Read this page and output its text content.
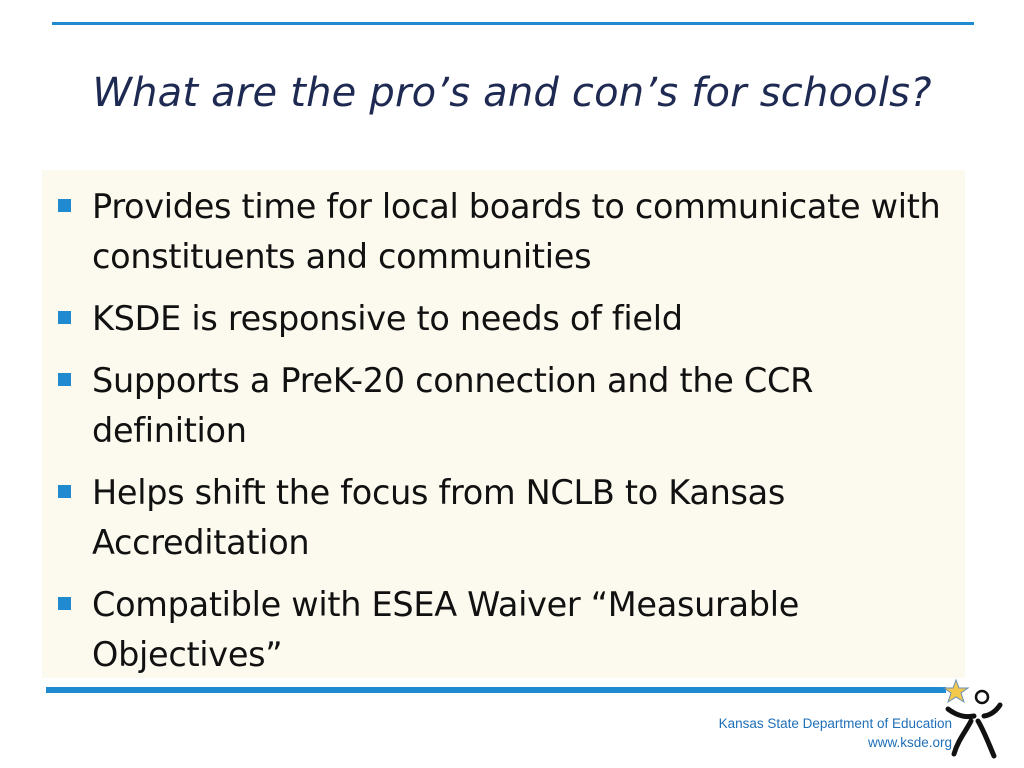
What are the pro’s and con’s for schools?
Provides time for local boards to communicate with constituents and communities
KSDE is responsive to needs of field
Supports a PreK-20 connection and the CCR definition
Helps shift the focus from NCLB to Kansas Accreditation
Compatible with ESEA Waiver “Measurable Objectives”
Kansas State Department of Education
www.ksde.org
